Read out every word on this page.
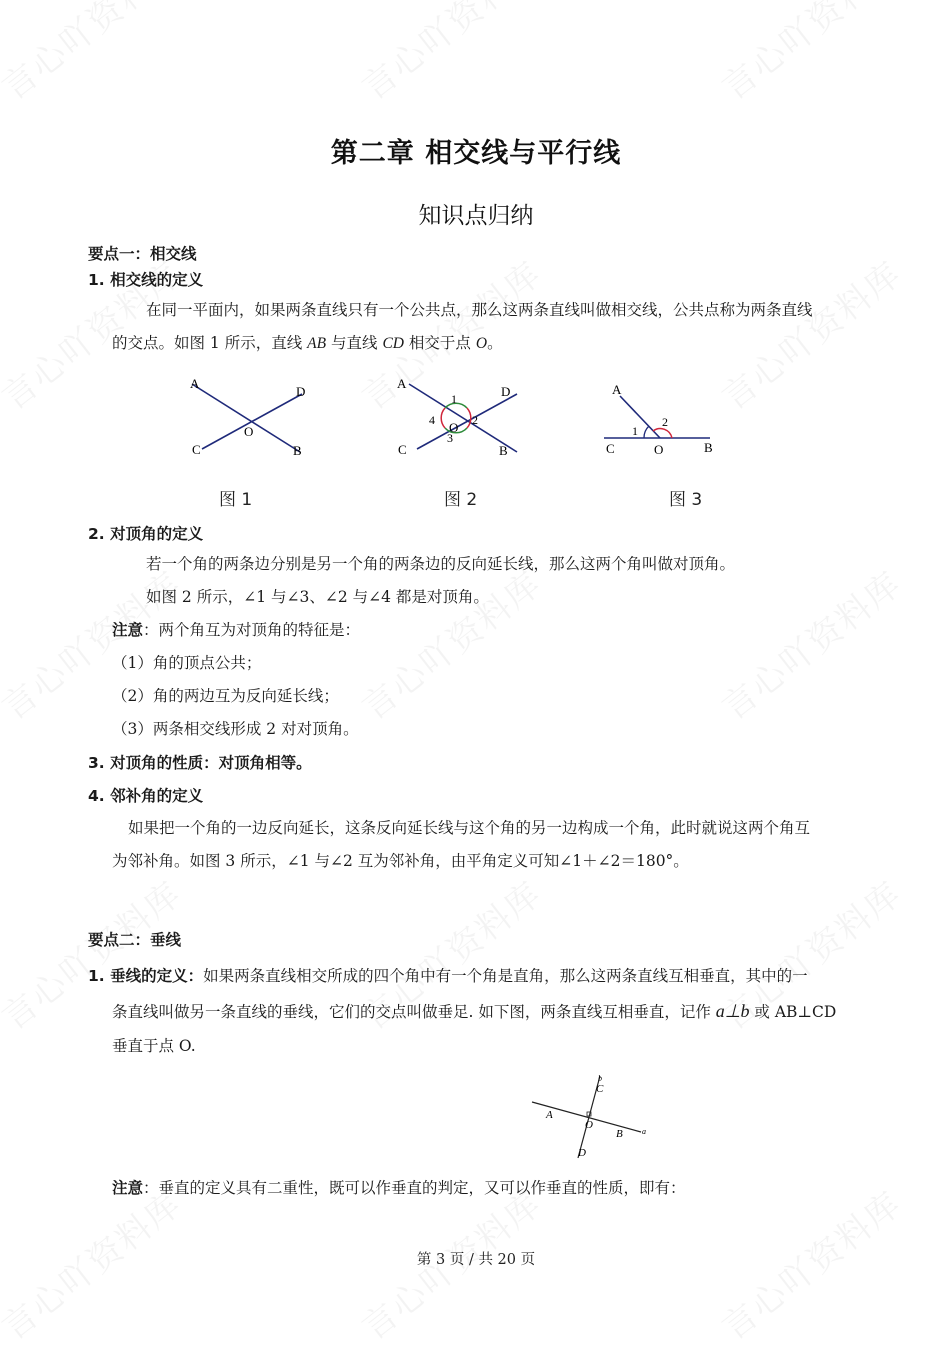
第二章 相交线与平行线
知识点归纳
要点一：相交线
1. 相交线的定义
在同一平面内，如果两条直线只有一个公共点，那么这两条直线叫做相交线，公共点称为两条直线
的交点。如图 1 所示，直线 AB 与直线 CD 相交于点 O。
A
D
C	B
O
图 1
A
D
C	B
O
1
2
3
4
图 2
A
C	O	B
1
2
图 3
2. 对顶角的定义
若一个角的两条边分别是另一个角的两条边的反向延长线，那么这两个角叫做对顶角。
如图 2 所示，∠1 与∠3、∠2 与∠4 都是对顶角。
注意：两个角互为对顶角的特征是：
（1）角的顶点公共；
（2）角的两边互为反向延长线；
（3）两条相交线形成 2 对对顶角。
3. 对顶角的性质：对顶角相等。
4. 邻补角的定义
如果把一个角的一边反向延长，这条反向延长线与这个角的另一边构成一个角，此时就说这两个角互
为邻补角。如图 3 所示，∠1 与∠2 互为邻补角，由平角定义可知∠1＋∠2＝180°。
要点二：垂线
1. 垂线的定义：如果两条直线相交所成的四个角中有一个角是直角，那么这两条直线互相垂直，其中的一
条直线叫做另一条直线的垂线，它们的交点叫做垂足. 如下图，两条直线互相垂直，记作 a⊥b 或 AB⊥CD
垂直于点 O.
A
O
B
C
D
a
b
注意：垂直的定义具有二重性，既可以作垂直的判定，又可以作垂直的性质，即有：
第 3 页 / 共 20 页
